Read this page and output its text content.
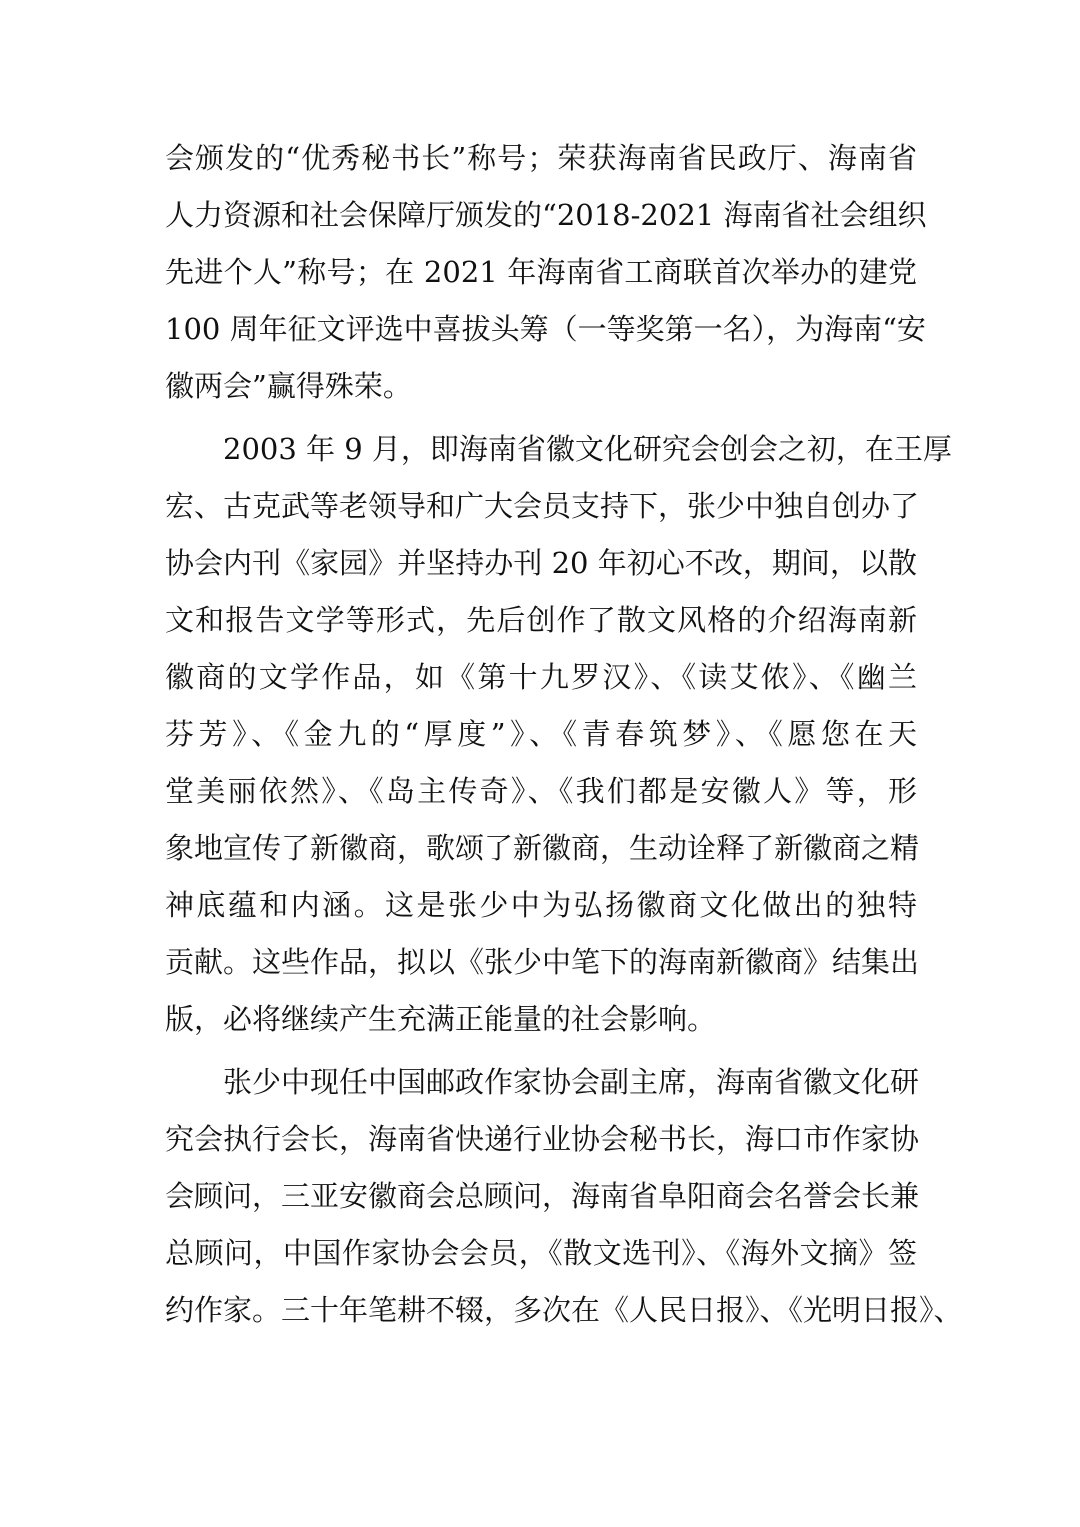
会颁发的“优秀秘书长”称号；荣获海南省民政厅、海南省
人力资源和社会保障厅颁发的“2018-2021 海南省社会组织
先进个人”称号；在 2021 年海南省工商联首次举办的建党
100 周年征文评选中喜拔头筹（一等奖第一名），为海南“安
徽两会”赢得殊荣。
　　2003 年 9 月，即海南省徽文化研究会创会之初，在王厚
宏、古克武等老领导和广大会员支持下，张少中独自创办了
协会内刊《家园》并坚持办刊 20 年初心不改，期间，以散
文和报告文学等形式，先后创作了散文风格的介绍海南新
徽商的文学作品，如《第十九罗汉》、《读艾侬》、《幽兰
芬芳》、《金九的“厚度”》、《青春筑梦》、《愿您在天
堂美丽依然》、《岛主传奇》、《我们都是安徽人》等，形
象地宣传了新徽商，歌颂了新徽商，生动诠释了新徽商之精
神底蕴和内涵。这是张少中为弘扬徽商文化做出的独特
贡献。这些作品，拟以《张少中笔下的海南新徽商》结集出
版，必将继续产生充满正能量的社会影响。
　　张少中现任中国邮政作家协会副主席，海南省徽文化研
究会执行会长，海南省快递行业协会秘书长，海口市作家协
会顾问，三亚安徽商会总顾问，海南省阜阳商会名誉会长兼
总顾问，中国作家协会会员，《散文选刊》、《海外文摘》签
约作家。三十年笔耕不辍，多次在《人民日报》、《光明日报》、
